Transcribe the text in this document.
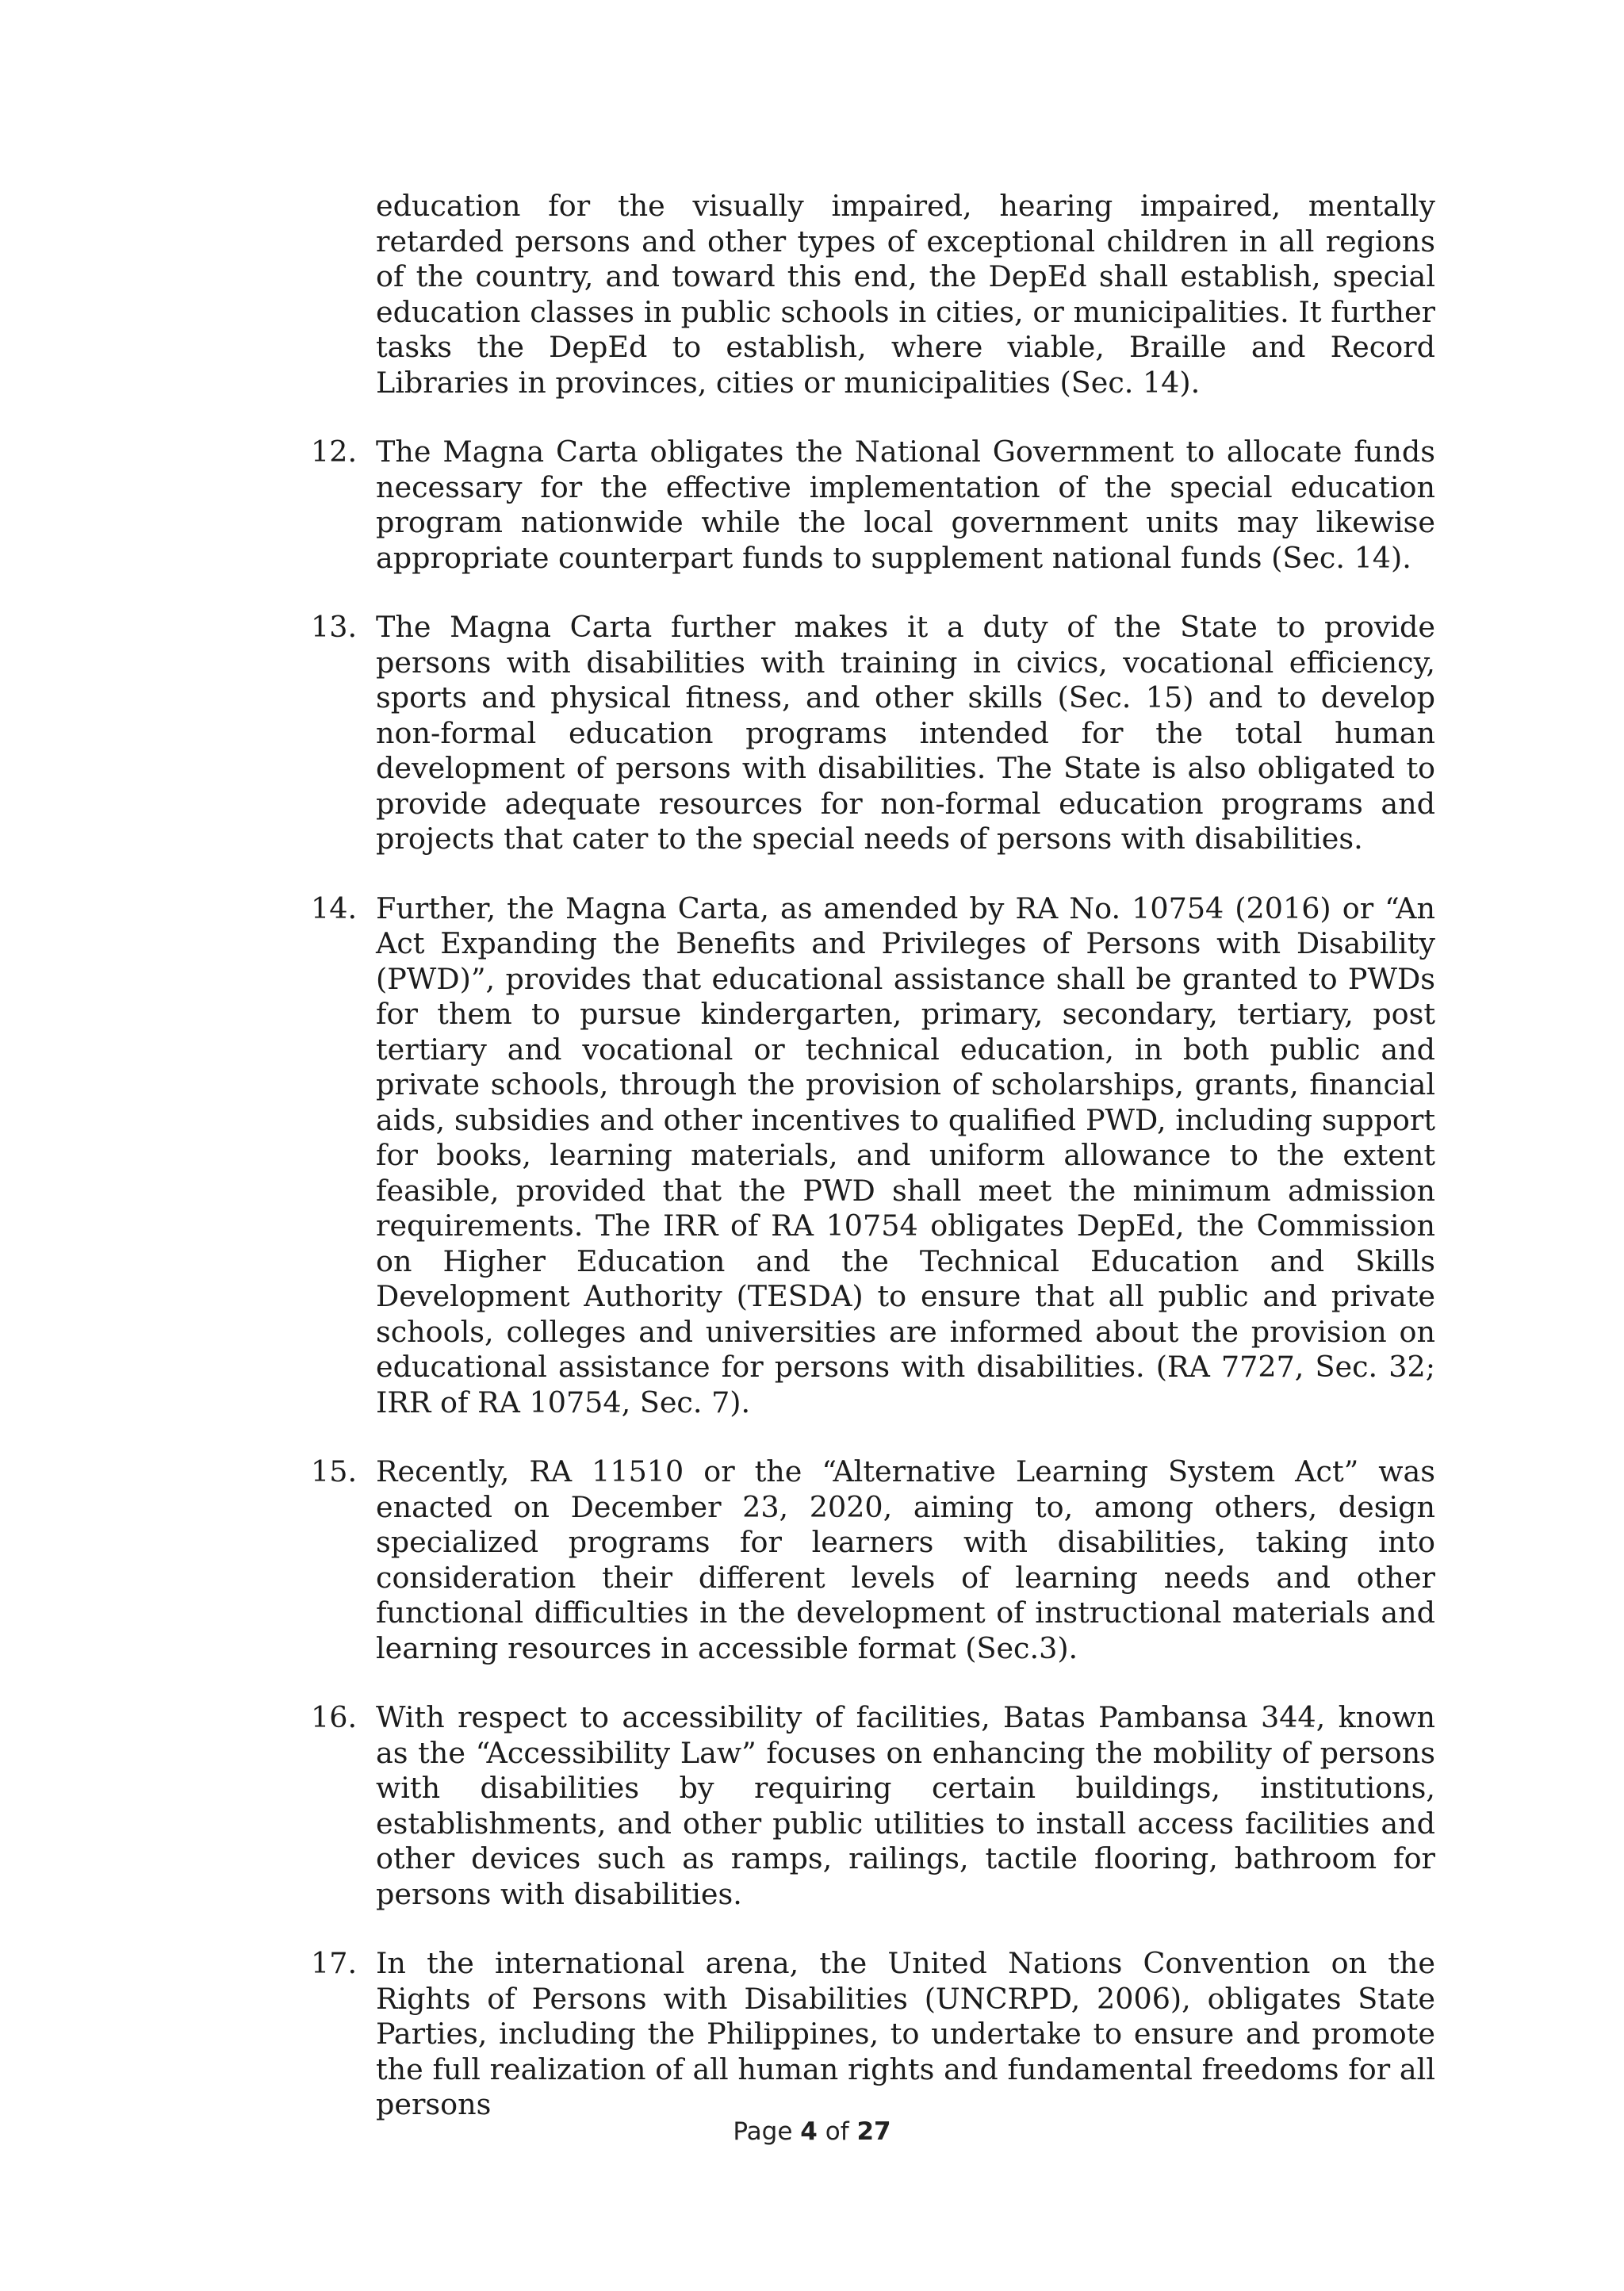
education for the visually impaired, hearing impaired, mentally retarded persons and other types of exceptional children in all regions of the country, and toward this end, the DepEd shall establish, special education classes in public schools in cities, or municipalities. It further tasks the DepEd to establish, where viable, Braille and Record Libraries in provinces, cities or municipalities (Sec. 14).

12. The Magna Carta obligates the National Government to allocate funds necessary for the effective implementation of the special education program nationwide while the local government units may likewise appropriate counterpart funds to supplement national funds (Sec. 14).

13. The Magna Carta further makes it a duty of the State to provide persons with disabilities with training in civics, vocational efficiency, sports and physical fitness, and other skills (Sec. 15) and to develop non-formal education programs intended for the total human development of persons with disabilities. The State is also obligated to provide adequate resources for non-formal education programs and projects that cater to the special needs of persons with disabilities.

14. Further, the Magna Carta, as amended by RA No. 10754 (2016) or “An Act Expanding the Benefits and Privileges of Persons with Disability (PWD)”, provides that educational assistance shall be granted to PWDs for them to pursue kindergarten, primary, secondary, tertiary, post tertiary and vocational or technical education, in both public and private schools, through the provision of scholarships, grants, financial aids, subsidies and other incentives to qualified PWD, including support for books, learning materials, and uniform allowance to the extent feasible, provided that the PWD shall meet the minimum admission requirements. The IRR of RA 10754 obligates DepEd, the Commission on Higher Education and the Technical Education and Skills Development Authority (TESDA) to ensure that all public and private schools, colleges and universities are informed about the provision on educational assistance for persons with disabilities. (RA 7727, Sec. 32; IRR of RA 10754, Sec. 7).

15. Recently, RA 11510 or the “Alternative Learning System Act” was enacted on December 23, 2020, aiming to, among others, design specialized programs for learners with disabilities, taking into consideration their different levels of learning needs and other functional difficulties in the development of instructional materials and learning resources in accessible format (Sec.3).

16. With respect to accessibility of facilities, Batas Pambansa 344, known as the “Accessibility Law” focuses on enhancing the mobility of persons with disabilities by requiring certain buildings, institutions, establishments, and other public utilities to install access facilities and other devices such as ramps, railings, tactile flooring, bathroom for persons with disabilities.

17. In the international arena, the United Nations Convention on the Rights of Persons with Disabilities (UNCRPD, 2006), obligates State Parties, including the Philippines, to undertake to ensure and promote the full realization of all human rights and fundamental freedoms for all persons

Page 4 of 27
